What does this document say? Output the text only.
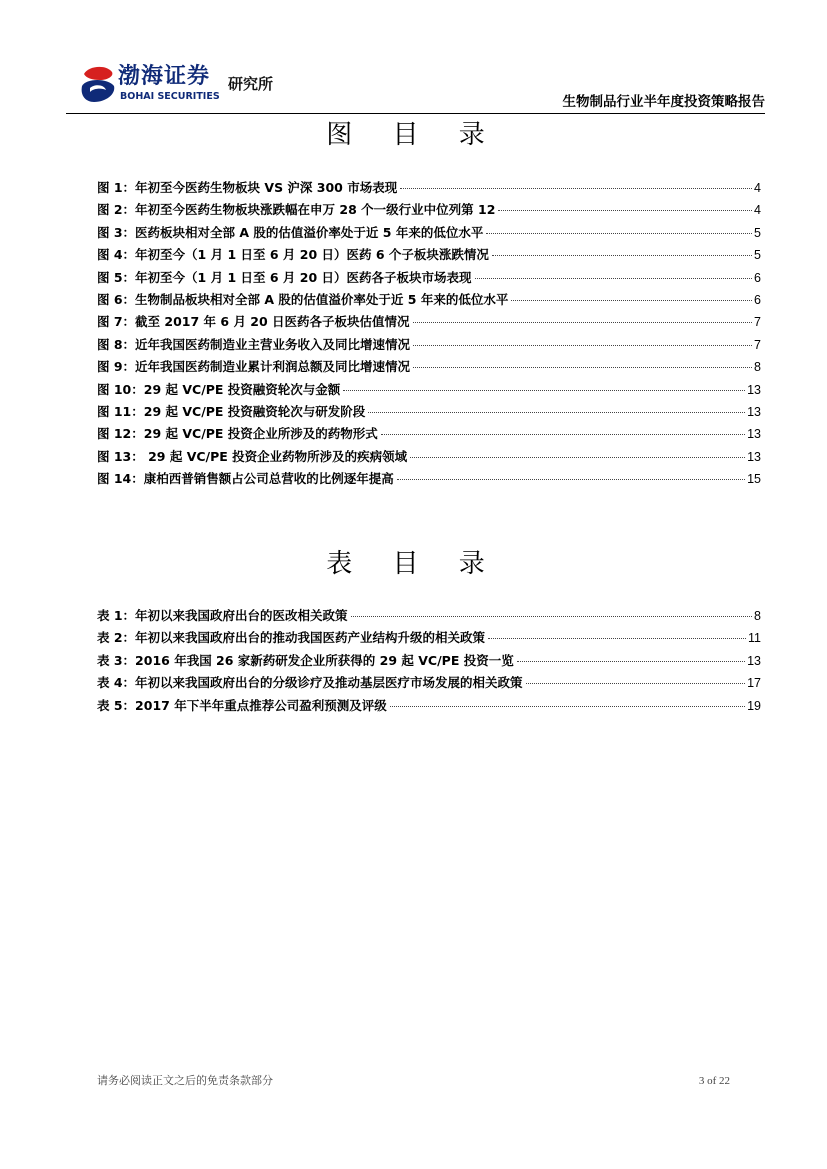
渤海证券
BOHAI SECURITIES
研究所
生物制品行业半年度投资策略报告
图 目 录
图 1：年初至今医药生物板块 VS 沪深 300 市场表现	4
图 2：年初至今医药生物板块涨跌幅在申万 28 个一级行业中位列第 12	4
图 3：医药板块相对全部 A 股的估值溢价率处于近 5 年来的低位水平	5
图 4：年初至今（1 月 1 日至 6 月 20 日）医药 6 个子板块涨跌情况	5
图 5：年初至今（1 月 1 日至 6 月 20 日）医药各子板块市场表现	6
图 6：生物制品板块相对全部 A 股的估值溢价率处于近 5 年来的低位水平	6
图 7：截至 2017 年 6 月 20 日医药各子板块估值情况	7
图 8：近年我国医药制造业主营业务收入及同比增速情况	7
图 9：近年我国医药制造业累计利润总额及同比增速情况	8
图 10：29 起 VC/PE 投资融资轮次与金额	13
图 11：29 起 VC/PE 投资融资轮次与研发阶段	13
图 12：29 起 VC/PE 投资企业所涉及的药物形式	13
图 13： 29 起 VC/PE 投资企业药物所涉及的疾病领域	13
图 14：康柏西普销售额占公司总营收的比例逐年提高	15
表 目 录
表 1：年初以来我国政府出台的医改相关政策	8
表 2：年初以来我国政府出台的推动我国医药产业结构升级的相关政策	11
表 3：2016 年我国 26 家新药研发企业所获得的 29 起 VC/PE 投资一览	13
表 4：年初以来我国政府出台的分级诊疗及推动基层医疗市场发展的相关政策	17
表 5：2017 年下半年重点推荐公司盈利预测及评级	19
请务必阅读正文之后的免责条款部分	3 of 22
